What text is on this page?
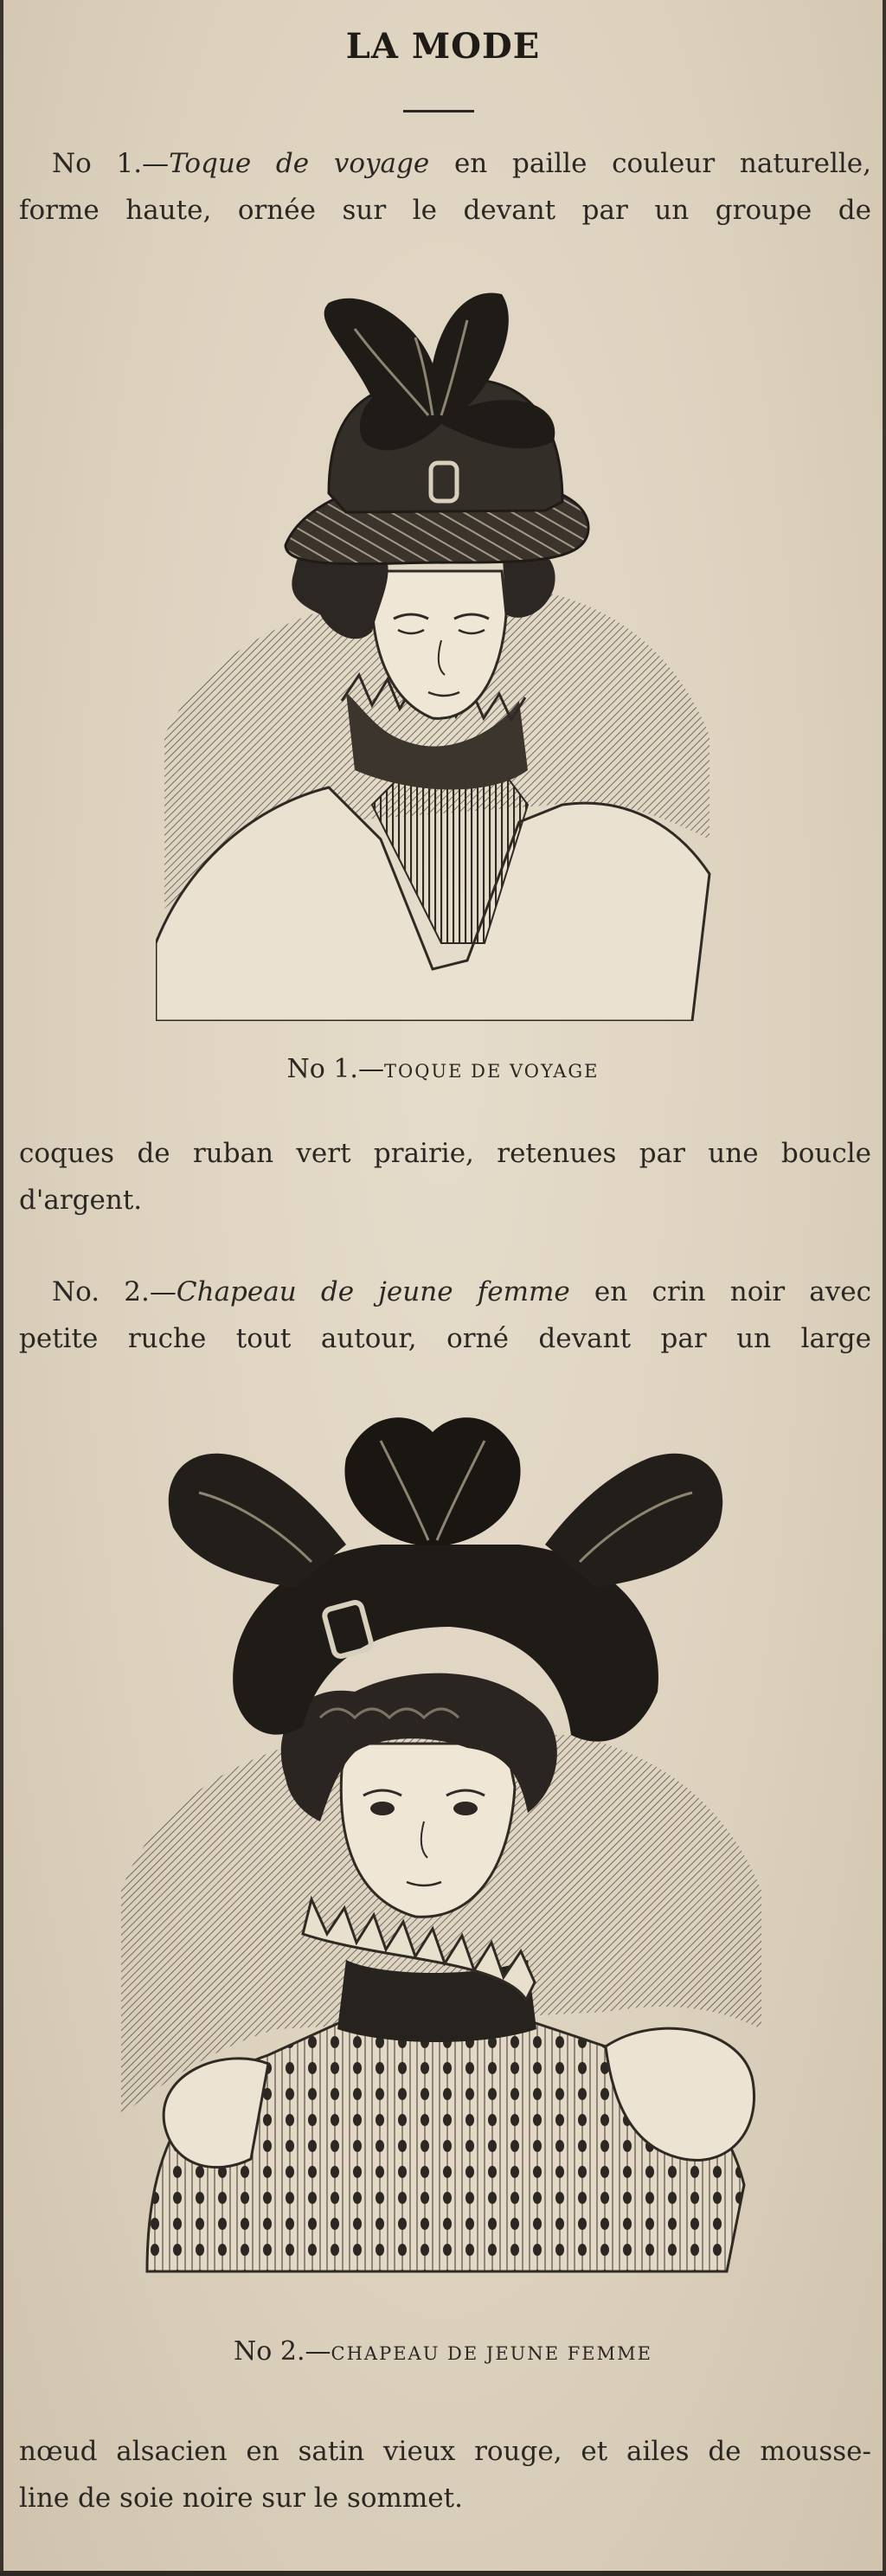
LA MODE
No 1.—Toque de voyage en paille couleur naturelle,
forme haute, ornée sur le devant par un groupe de
No 1.—TOQUE DE VOYAGE
coques de ruban vert prairie, retenues par une boucle
d'argent.
No. 2.—Chapeau de jeune femme en crin noir avec
petite ruche tout autour, orné devant par un large
No 2.—CHAPEAU DE JEUNE FEMME
nœud alsacien en satin vieux rouge, et ailes de mousse-
line de soie noire sur le sommet.
